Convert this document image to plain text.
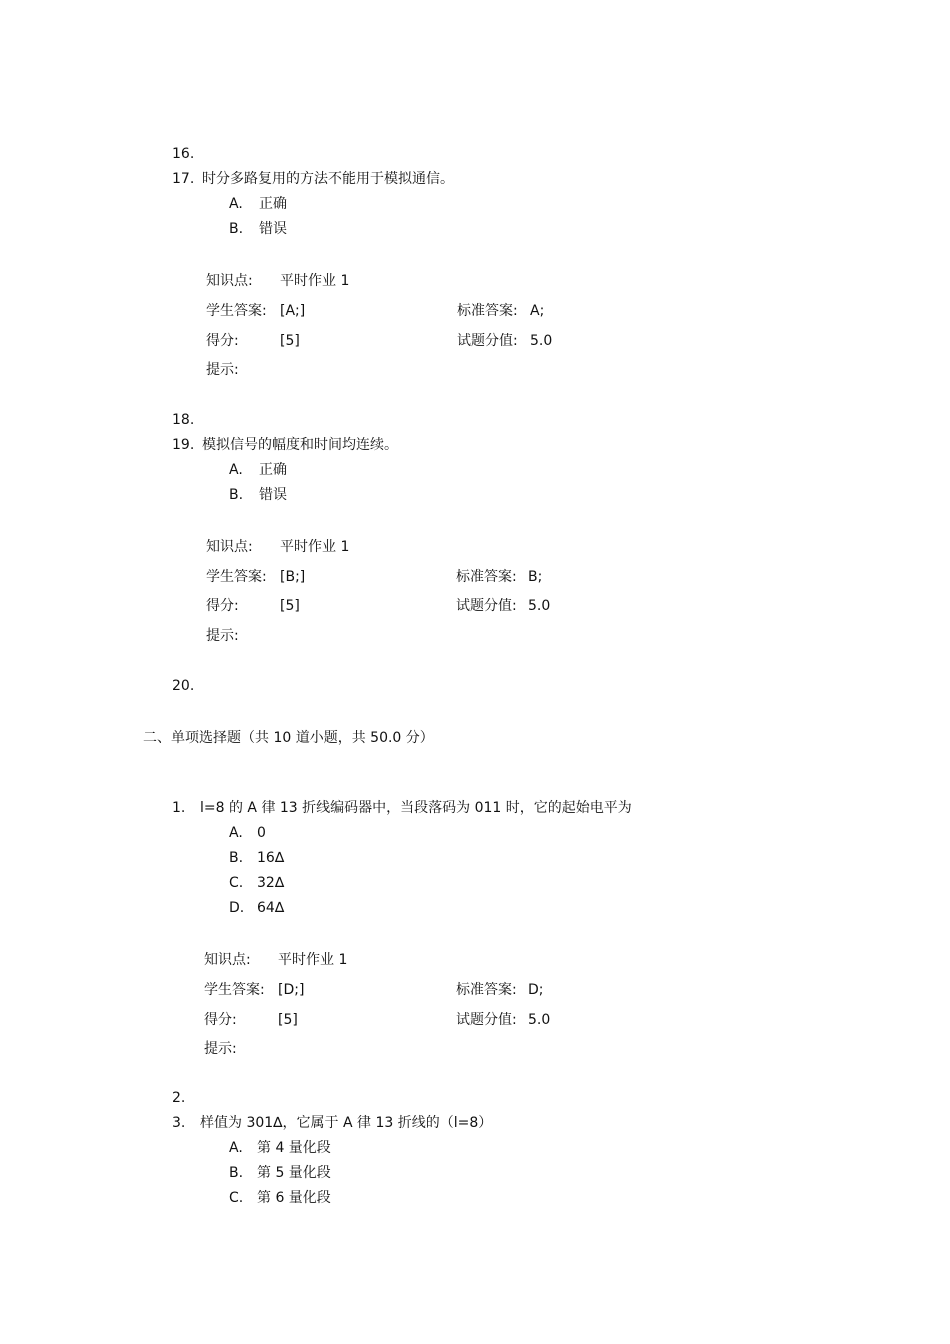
16.
17. 时分多路复用的方法不能用于模拟通信。
A. 正确
B. 错误
知识点: 平时作业 1
学生答案: [A;]	标准答案: A;
得分:	[5]	试题分值: 5.0
提示:
18.
19. 模拟信号的幅度和时间均连续。
A. 正确
B. 错误
知识点: 平时作业 1
学生答案: [B;]	标准答案: B;
得分:	[5]	试题分值: 5.0
提示:
20.
二、单项选择题（共 10 道小题，共 50.0 分）
1. l=8 的 A 律 13 折线编码器中，当段落码为 011 时，它的起始电平为
A. 0
B. 16∆
C. 32∆
D. 64∆
知识点: 平时作业 1
学生答案: [D;]	标准答案: D;
得分:	[5]	试题分值: 5.0
提示:
2.
3. 样值为 301∆，它属于 A 律 13 折线的（l=8）
A. 第 4 量化段
B. 第 5 量化段
C. 第 6 量化段
